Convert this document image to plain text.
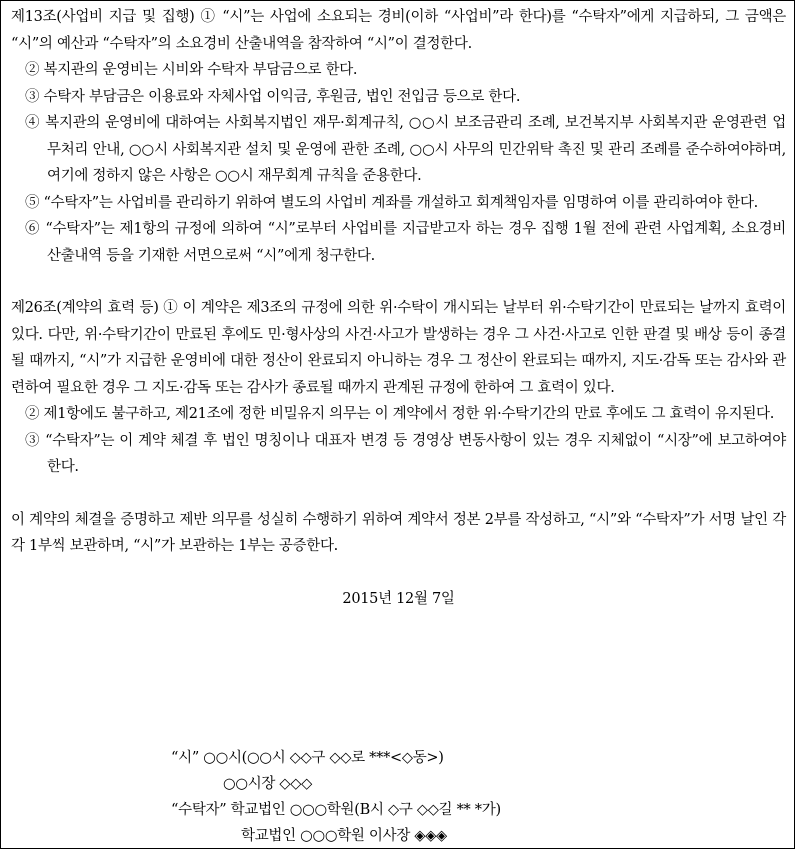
제13조(사업비 지급 및 집행) ① “시”는 사업에 소요되는 경비(이하 “사업비”라 한다)를 “수탁자”에게 지급하되, 그 금액은 “시”의 예산과 “수탁자”의 소요경비 산출내역을 참작하여 “시”이 결정한다.

② 복지관의 운영비는 시비와 수탁자 부담금으로 한다.

③ 수탁자 부담금은 이용료와 자체사업 이익금, 후원금, 법인 전입금 등으로 한다.

④ 복지관의 운영비에 대하여는 사회복지법인 재무·회계규칙, ○○시 보조금관리 조례, 보건복지부 사회복지관 운영관련 업무처리 안내, ○○시 사회복지관 설치 및 운영에 관한 조례, ○○시 사무의 민간위탁 촉진 및 관리 조례를 준수하여야하며, 여기에 정하지 않은 사항은 ○○시 재무회계 규칙을 준용한다.

⑤ “수탁자”는 사업비를 관리하기 위하여 별도의 사업비 계좌를 개설하고 회계책임자를 임명하여 이를 관리하여야 한다.

⑥ “수탁자”는 제1항의 규정에 의하여 “시”로부터 사업비를 지급받고자 하는 경우 집행 1월 전에 관련 사업계획, 소요경비 산출내역 등을 기재한 서면으로써 “시”에게 청구한다.

제26조(계약의 효력 등) ① 이 계약은 제3조의 규정에 의한 위·수탁이 개시되는 날부터 위·수탁기간이 만료되는 날까지 효력이 있다. 다만, 위·수탁기간이 만료된 후에도 민·형사상의 사건·사고가 발생하는 경우 그 사건·사고로 인한 판결 및 배상 등이 종결될 때까지, “시”가 지급한 운영비에 대한 정산이 완료되지 아니하는 경우 그 정산이 완료되는 때까지, 지도·감독 또는 감사와 관련하여 필요한 경우 그 지도·감독 또는 감사가 종료될 때까지 관계된 규정에 한하여 그 효력이 있다.

② 제1항에도 불구하고, 제21조에 정한 비밀유지 의무는 이 계약에서 정한 위·수탁기간의 만료 후에도 그 효력이 유지된다.

③ “수탁자”는 이 계약 체결 후 법인 명칭이나 대표자 변경 등 경영상 변동사항이 있는 경우 지체없이 “시장”에 보고하여야 한다.

이 계약의 체결을 증명하고 제반 의무를 성실히 수행하기 위하여 계약서 정본 2부를 작성하고, “시”와 “수탁자”가 서명 날인 각각 1부씩 보관하며, “시”가 보관하는 1부는 공증한다.

2015년 12월 7일

“시” ○○시(○○시 ◇◇구 ◇◇로 ***<◇동>)
○○시장 ◇◇◇
“수탁자” 학교법인 ○○○학원(B시 ◇구 ◇◇길 ** *가)
학교법인 ○○○학원 이사장 ◈◈◈
